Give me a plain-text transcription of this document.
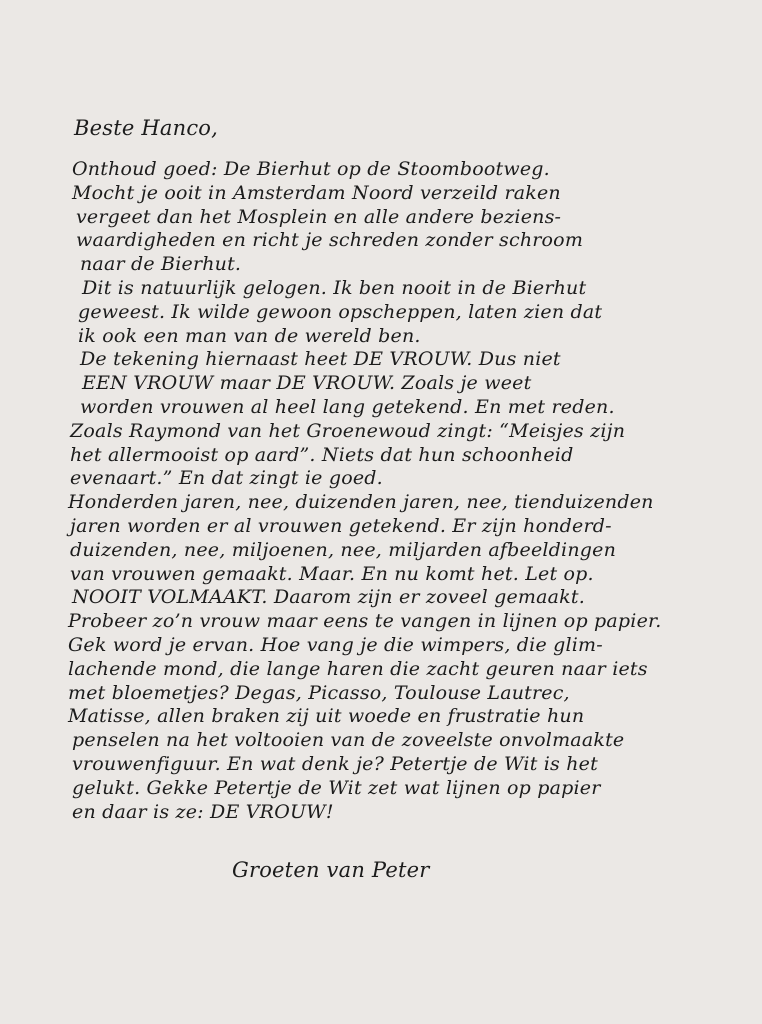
Beste Hanco,
Onthoud goed: De Bierhut op de Stoombootweg.
Mocht je ooit in Amsterdam Noord verzeild raken
vergeet dan het Mosplein en alle andere beziens-
waardigheden en richt je schreden zonder schroom
naar de Bierhut.
Dit is natuurlijk gelogen. Ik ben nooit in de Bierhut
geweest. Ik wilde gewoon opscheppen, laten zien dat
ik ook een man van de wereld ben.
De tekening hiernaast heet DE VROUW. Dus niet
EEN VROUW maar DE VROUW. Zoals je weet
worden vrouwen al heel lang getekend. En met reden.
Zoals Raymond van het Groenewoud zingt: “Meisjes zijn
het allermooist op aard”. Niets dat hun schoonheid
evenaart.” En dat zingt ie goed.
Honderden jaren, nee, duizenden jaren, nee, tienduizenden
jaren worden er al vrouwen getekend. Er zijn honderd-
duizenden, nee, miljoenen, nee, miljarden afbeeldingen
van vrouwen gemaakt. Maar. En nu komt het. Let op.
NOOIT VOLMAAKT. Daarom zijn er zoveel gemaakt.
Probeer zo’n vrouw maar eens te vangen in lijnen op papier.
Gek word je ervan. Hoe vang je die wimpers, die glim-
lachende mond, die lange haren die zacht geuren naar iets
met bloemetjes? Degas, Picasso, Toulouse Lautrec,
Matisse, allen braken zij uit woede en frustratie hun
penselen na het voltooien van de zoveelste onvolmaakte
vrouwenfiguur. En wat denk je? Petertje de Wit is het
gelukt. Gekke Petertje de Wit zet wat lijnen op papier
en daar is ze: DE VROUW!
Groeten van Peter
